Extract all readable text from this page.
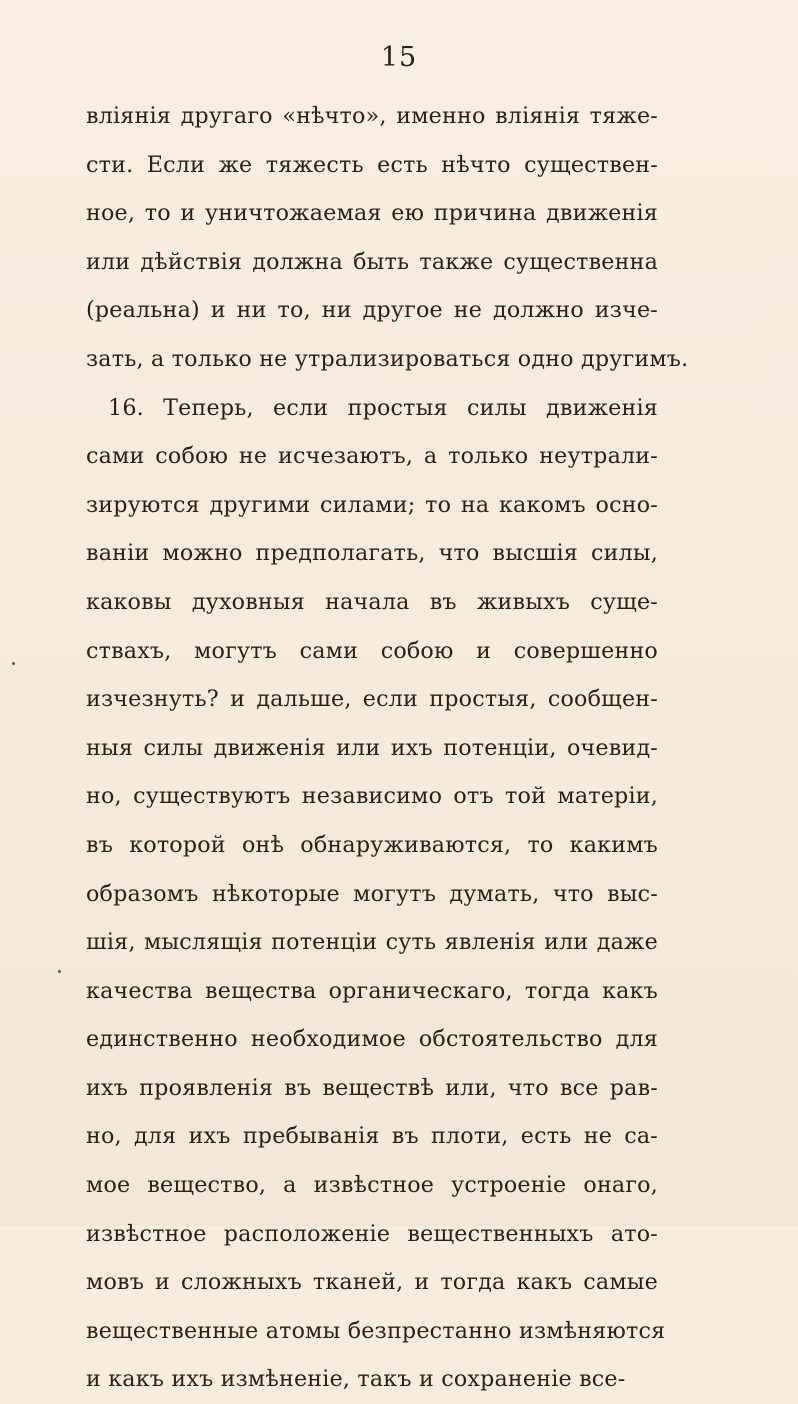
15
вліянія другаго «нѣчто», именно вліянія тяже-
сти. Если же тяжесть есть нѣчто существен-
ное, то и уничтожаемая ею причина движенія
или дѣйствія должна быть также существенна
(реальна) и ни то, ни другое не должно изче-
зать, а только не утрализироваться одно другимъ.
16. Теперь, если простыя силы движенія
сами собою не исчезаютъ, а только неутрали-
зируются другими силами; то на какомъ осно-
ваніи можно предполагать, что высшія силы,
каковы духовныя начала въ живыхъ суще-
ствахъ, могутъ сами собою и совершенно
изчезнуть? и дальше, если простыя, сообщен-
ныя силы движенія или ихъ потенціи, очевид-
но, существуютъ независимо отъ той матеріи,
въ которой онѣ обнаруживаются, то какимъ
образомъ нѣкоторые могутъ думать, что выс-
шія, мыслящія потенціи суть явленія или даже
качества вещества органическаго, тогда какъ
единственно необходимое обстоятельство для
ихъ проявленія въ веществѣ или, что все рав-
но, для ихъ пребыванія въ плоти, есть не са-
мое вещество, а извѣстное устроеніе онаго,
извѣстное расположеніе вещественныхъ ато-
мовъ и сложныхъ тканей, и тогда какъ самые
вещественные атомы безпрестанно измѣняются
и какъ ихъ измѣненіе, такъ и сохраненіе все-
